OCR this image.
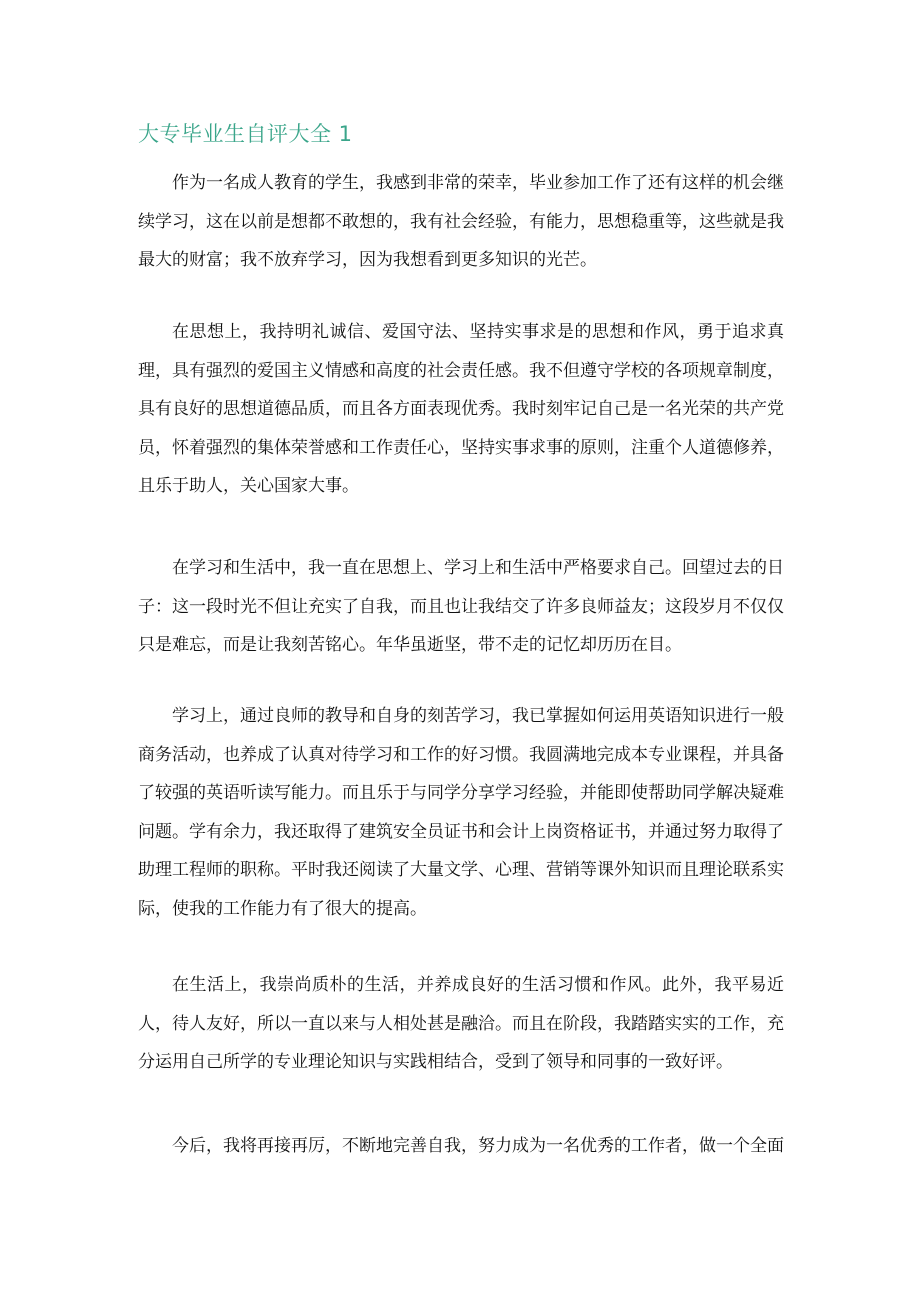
大专毕业生自评大全 1

作为一名成人教育的学生，我感到非常的荣幸，毕业参加工作了还有这样的机会继续学习，这在以前是想都不敢想的，我有社会经验，有能力，思想稳重等，这些就是我最大的财富；我不放弃学习，因为我想看到更多知识的光芒。

在思想上，我持明礼诚信、爱国守法、坚持实事求是的思想和作风，勇于追求真理，具有强烈的爱国主义情感和高度的社会责任感。我不但遵守学校的各项规章制度，具有良好的思想道德品质，而且各方面表现优秀。我时刻牢记自己是一名光荣的共产党员，怀着强烈的集体荣誉感和工作责任心，坚持实事求事的原则，注重个人道德修养，且乐于助人，关心国家大事。

在学习和生活中，我一直在思想上、学习上和生活中严格要求自己。回望过去的日子：这一段时光不但让充实了自我，而且也让我结交了许多良师益友；这段岁月不仅仅只是难忘，而是让我刻苦铭心。年华虽逝坚，带不走的记忆却历历在目。

学习上，通过良师的教导和自身的刻苦学习，我已掌握如何运用英语知识进行一般商务活动，也养成了认真对待学习和工作的好习惯。我圆满地完成本专业课程，并具备了较强的英语听读写能力。而且乐于与同学分享学习经验，并能即使帮助同学解决疑难问题。学有余力，我还取得了建筑安全员证书和会计上岗资格证书，并通过努力取得了助理工程师的职称。平时我还阅读了大量文学、心理、营销等课外知识而且理论联系实际，使我的工作能力有了很大的提高。

在生活上，我崇尚质朴的生活，并养成良好的生活习惯和作风。此外，我平易近人，待人友好，所以一直以来与人相处甚是融洽。而且在阶段，我踏踏实实的工作，充分运用自己所学的专业理论知识与实践相结合，受到了领导和同事的一致好评。

今后，我将再接再厉，不断地完善自我，努力成为一名优秀的工作者，做一个全面
